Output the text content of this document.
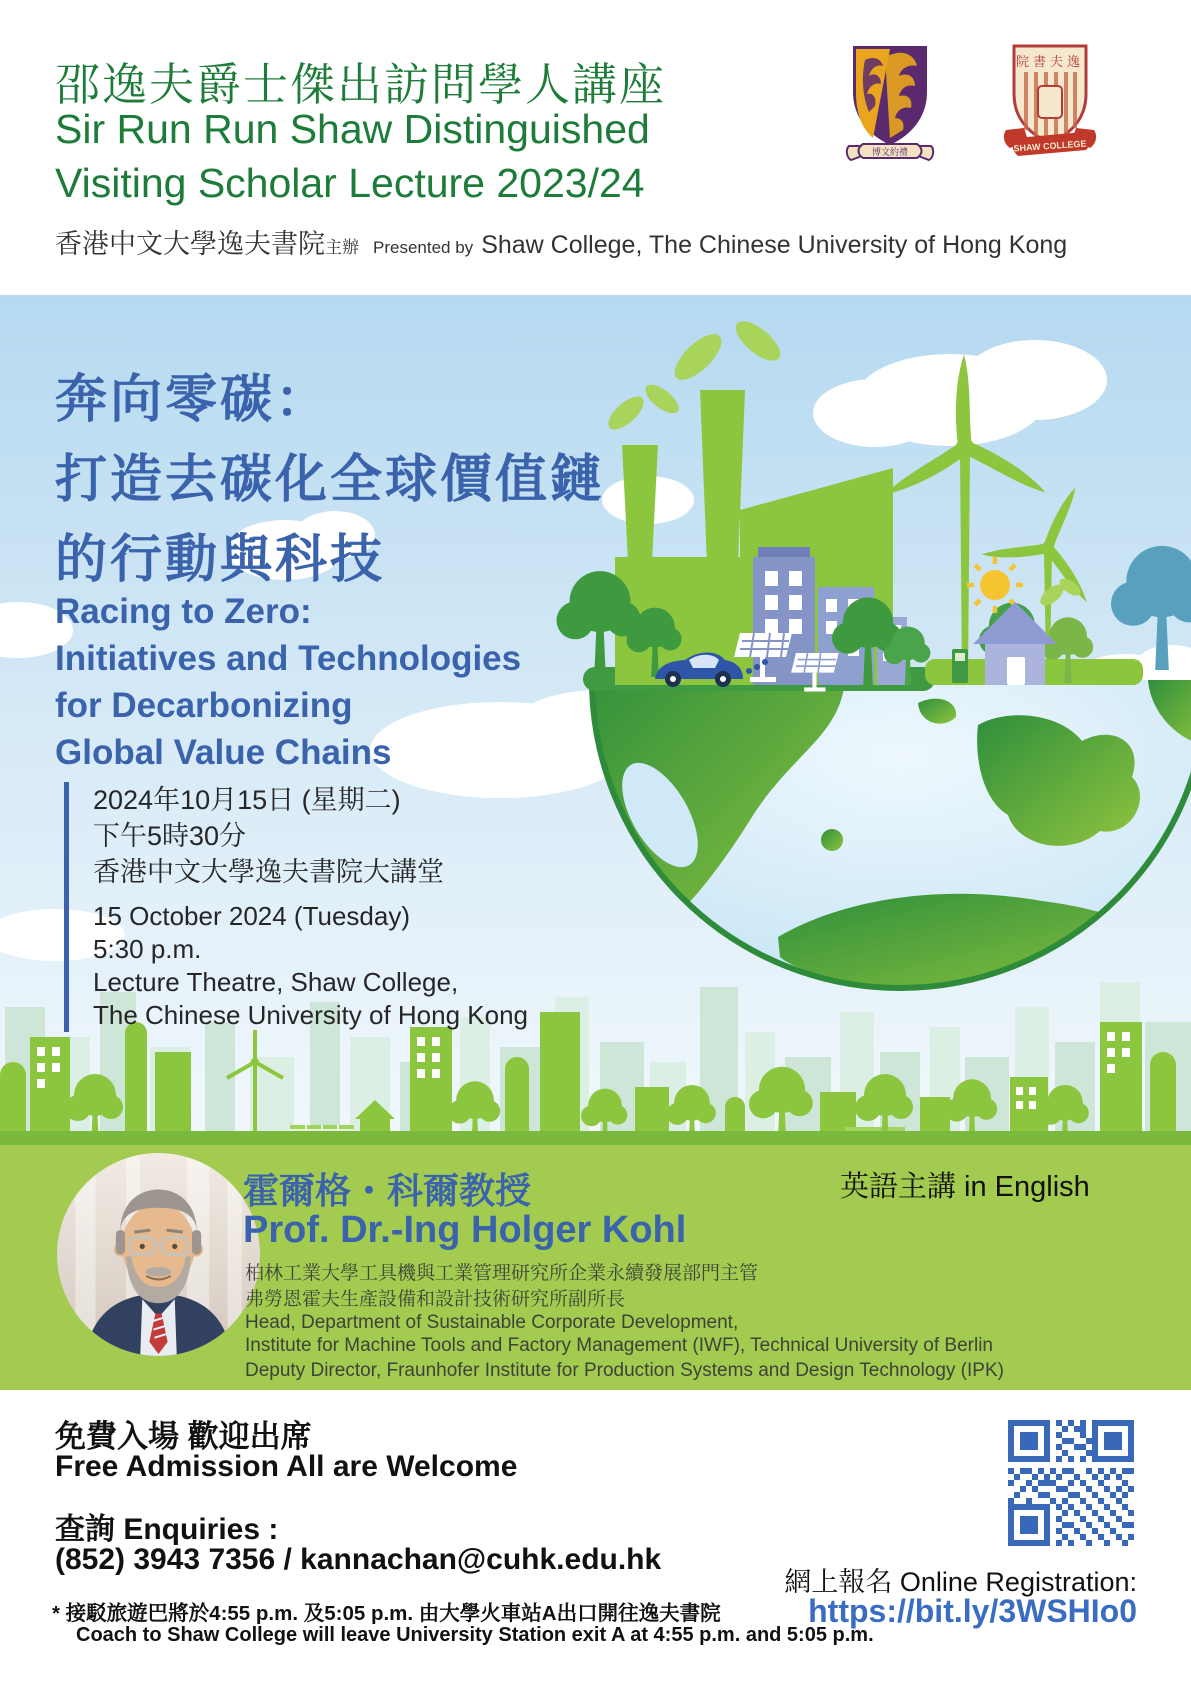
邵逸夫爵士傑出訪問學人講座
Sir Run Run Shaw Distinguished
Visiting Scholar Lecture 2023/24
香港中文大學逸夫書院 主辦 Presented by Shaw College, The Chinese University of Hong Kong
博文約禮
院書夫逸
SHAW COLLEGE
奔向零碳：
打造去碳化全球價值鏈
的行動與科技
Racing to Zero:
Initiatives and Technologies
for Decarbonizing
Global Value Chains
2024年10月15日 (星期二)
下午5時30分
香港中文大學逸夫書院大講堂
15 October 2024 (Tuesday)
5:30 p.m.
Lecture Theatre, Shaw College,
The Chinese University of Hong Kong
霍爾格・科爾教授
Prof. Dr.-Ing Holger Kohl
柏林工業大學工具機與工業管理研究所企業永續發展部門主管
弗勞恩霍夫生產設備和設計技術研究所副所長
Head, Department of Sustainable Corporate Development,
Institute for Machine Tools and Factory Management (IWF), Technical University of Berlin
Deputy Director, Fraunhofer Institute for Production Systems and Design Technology (IPK)
英語主講 in English
免費入場 歡迎出席
Free Admission All are Welcome
查詢 Enquiries :
(852) 3943 7356 / kannachan@cuhk.edu.hk
* 接駁旅遊巴將於4:55 p.m. 及5:05 p.m. 由大學火車站A出口開往逸夫書院
Coach to Shaw College will leave University Station exit A at 4:55 p.m. and 5:05 p.m.
網上報名 Online Registration:
https://bit.ly/3WSHIo0
